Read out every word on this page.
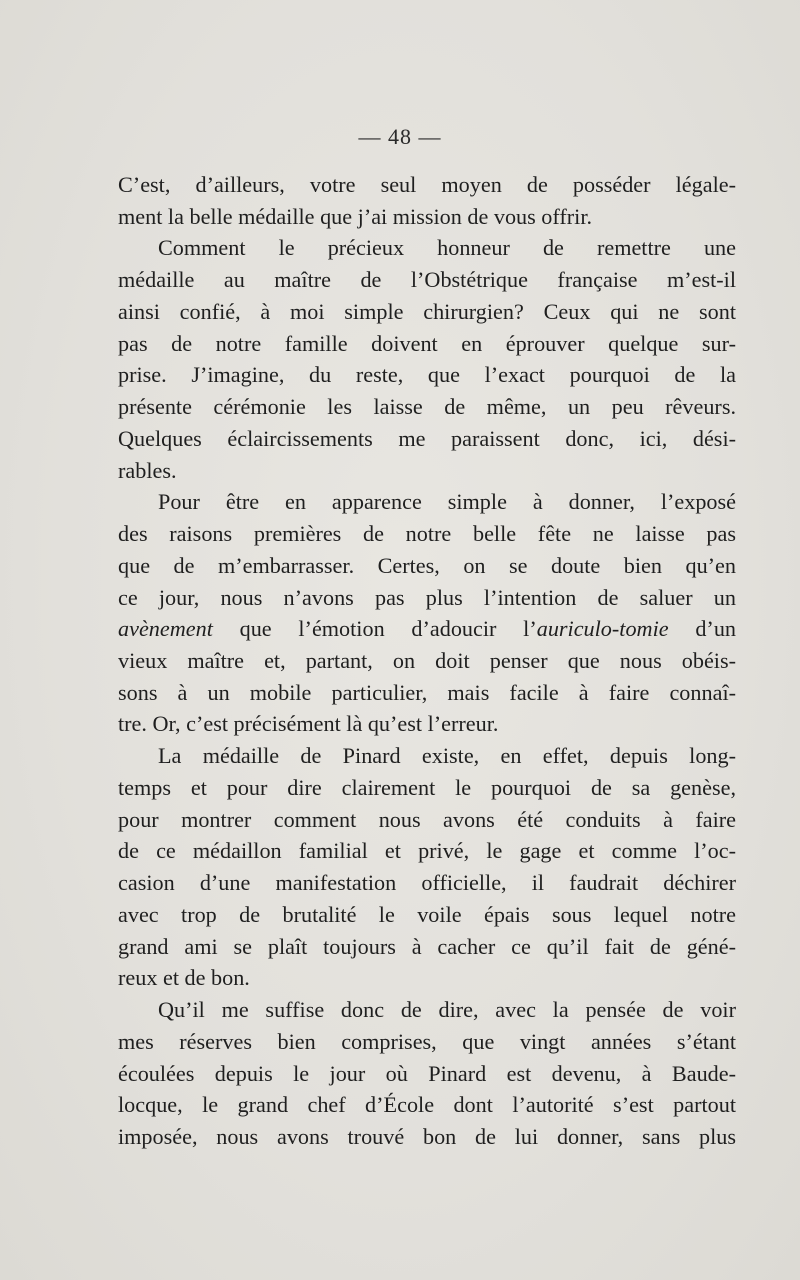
— 48 —
C’est, d’ailleurs, votre seul moyen de posséder légale-
ment la belle médaille que j’ai mission de vous offrir.
Comment le précieux honneur de remettre une
médaille au maître de l’Obstétrique française m’est-il
ainsi confié, à moi simple chirurgien? Ceux qui ne sont
pas de notre famille doivent en éprouver quelque sur-
prise. J’imagine, du reste, que l’exact pourquoi de la
présente cérémonie les laisse de même, un peu rêveurs.
Quelques éclaircissements me paraissent donc, ici, dési-
rables.
Pour être en apparence simple à donner, l’exposé
des raisons premières de notre belle fête ne laisse pas
que de m’embarrasser. Certes, on se doute bien qu’en
ce jour, nous n’avons pas plus l’intention de saluer un
avènement que l’émotion d’adoucir l’auriculo-tomie d’un
vieux maître et, partant, on doit penser que nous obéis-
sons à un mobile particulier, mais facile à faire connaî-
tre. Or, c’est précisément là qu’est l’erreur.
La médaille de Pinard existe, en effet, depuis long-
temps et pour dire clairement le pourquoi de sa genèse,
pour montrer comment nous avons été conduits à faire
de ce médaillon familial et privé, le gage et comme l’oc-
casion d’une manifestation officielle, il faudrait déchirer
avec trop de brutalité le voile épais sous lequel notre
grand ami se plaît toujours à cacher ce qu’il fait de géné-
reux et de bon.
Qu’il me suffise donc de dire, avec la pensée de voir
mes réserves bien comprises, que vingt années s’étant
écoulées depuis le jour où Pinard est devenu, à Baude-
locque, le grand chef d’École dont l’autorité s’est partout
imposée, nous avons trouvé bon de lui donner, sans plus
